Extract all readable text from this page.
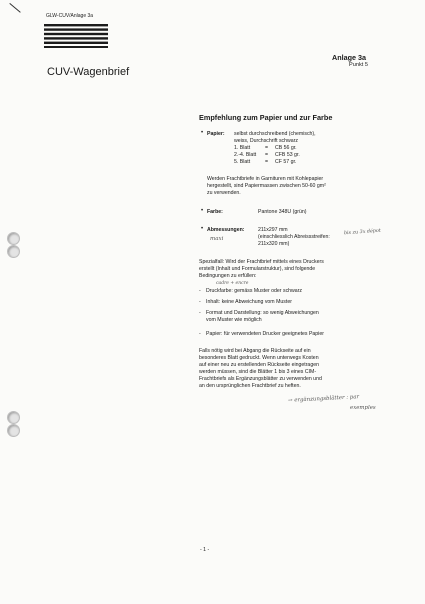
GLW-CUV/Anlage 3a
CUV-Wagenbrief
Anlage 3a
Punkt 5
Empfehlung zum Papier und zur Farbe
• Papier: selbst durchschreibend (chemisch),
weiss, Durchschrift schwarz
1. Blatt	= CB 56 gr.
2.-4. Blatt = CFB 53 gr.
5. Blatt	= CF 57 gr.
Werden Frachtbriefe in Garnituren mit Kohlepapier
hergestellt, sind Papiermassen zwischen 50-60 gm²
zu verwenden.
• Farbe:	Pantone 348U (grün)
• Abmessungen:	211x297 mm
(einschliesslich Abreissstreifen:
211x320 mm)
maxi
bis zu 3x dépot
Spezialfall: Wird der Frachtbrief mittels eines Druckers
erstellt (Inhalt und Formularstruktur), sind folgende
Bedingungen zu erfüllen:
cadre + encre
- Druckfarbe: gemäss Muster oder schwarz
- Inhalt: keine Abweichung vom Muster
- Format und Darstellung: so wenig Abweichungen
vom Muster wie möglich
- Papier: für verwendeten Drucker geeignetes Papier
Falls nötig wird bei Abgang die Rückseite auf ein
besonderes Blatt gedruckt. Wenn unterwegs Kosten
auf einer neu zu erstellenden Rückseite eingetragen
werden müssen, sind die Blätter 1 bis 3 eines CIM-
Frachtbriefs als Ergänzungsblätter zu verwenden und
an den ursprünglichen Frachtbrief zu heften.
→ ergänzungsblätter : par
exemples
- 1 -
